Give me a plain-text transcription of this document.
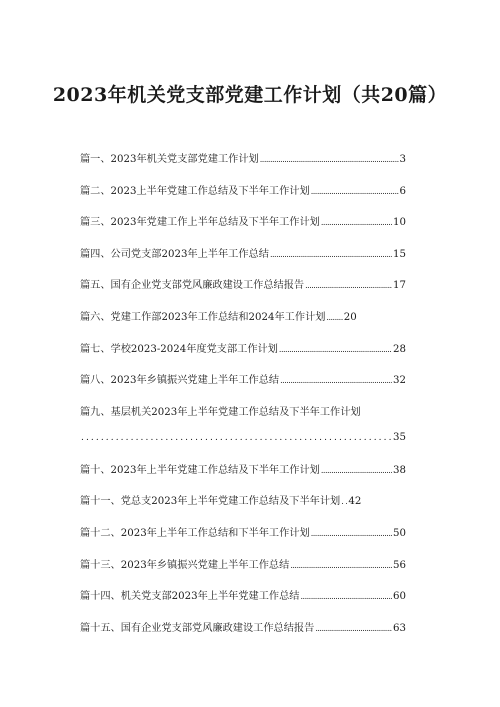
2023年机关党支部党建工作计划（共20篇）
篇一、2023年机关党支部党建工作计划 .....	3
篇二、2023上半年党建工作总结及下半年工作计划 .....	6
篇三、2023年党建工作上半年总结及下半年工作计划 .....	10
篇四、公司党支部2023年上半年工作总结 .....	15
篇五、国有企业党支部党风廉政建设工作总结报告 .....	17
篇六、党建工作部2023年工作总结和2024年工作计划 ........ 20
篇七、学校2023-2024年度党支部工作计划 .....	28
篇八、2023年乡镇振兴党建上半年工作总结 .....	32
篇九、基层机关2023年上半年党建工作总结及下半年工作计划
.....
35
篇十、2023年上半年党建工作总结及下半年工作计划 .....	38
篇十一、党总支2023年上半年党建工作总结及下半年计划 . . 42
篇十二、2023年上半年工作总结和下半年工作计划 .....	50
篇十三、2023年乡镇振兴党建上半年工作总结 .....	56
篇十四、机关党支部2023年上半年党建工作总结 .....	60
篇十五、国有企业党支部党风廉政建设工作总结报告 .....	63
